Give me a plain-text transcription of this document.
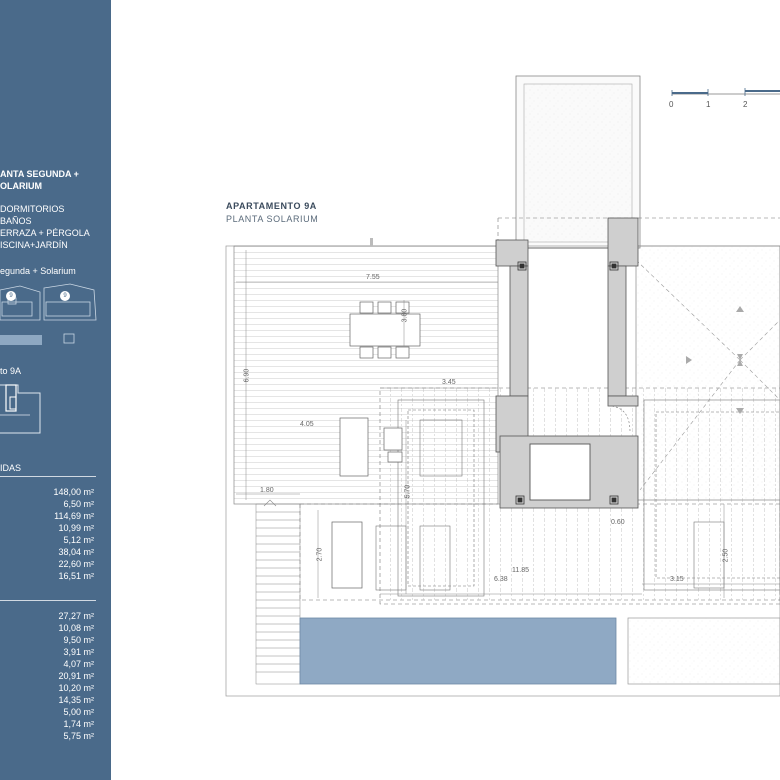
ANTA SEGUNDA +
OLARIUM
DORMITORIOS
BAÑOS
ERRAZA + PÉRGOLA
ISCINA+JARDÍN
egunda + Solarium
9	9
to 9A
IDAS
148,00 m²
6,50 m²
114,69 m²
10,99 m²
5,12 m²
38,04 m²
22,60 m²
16,51 m²
27,27 m²
10,08 m²
9,50 m²
3,91 m²
4,07 m²
20,91 m²
10,20 m²
14,35 m²
5,00 m²
1,74 m²
5,75 m²
APARTAMENTO 9A
PLANTA SOLARIUM
0	1	2
7.55
3.80
6.90
3.45
4.05
1.80	5.70
0.60
2.70
11.85
6.38	3.15
2.50
